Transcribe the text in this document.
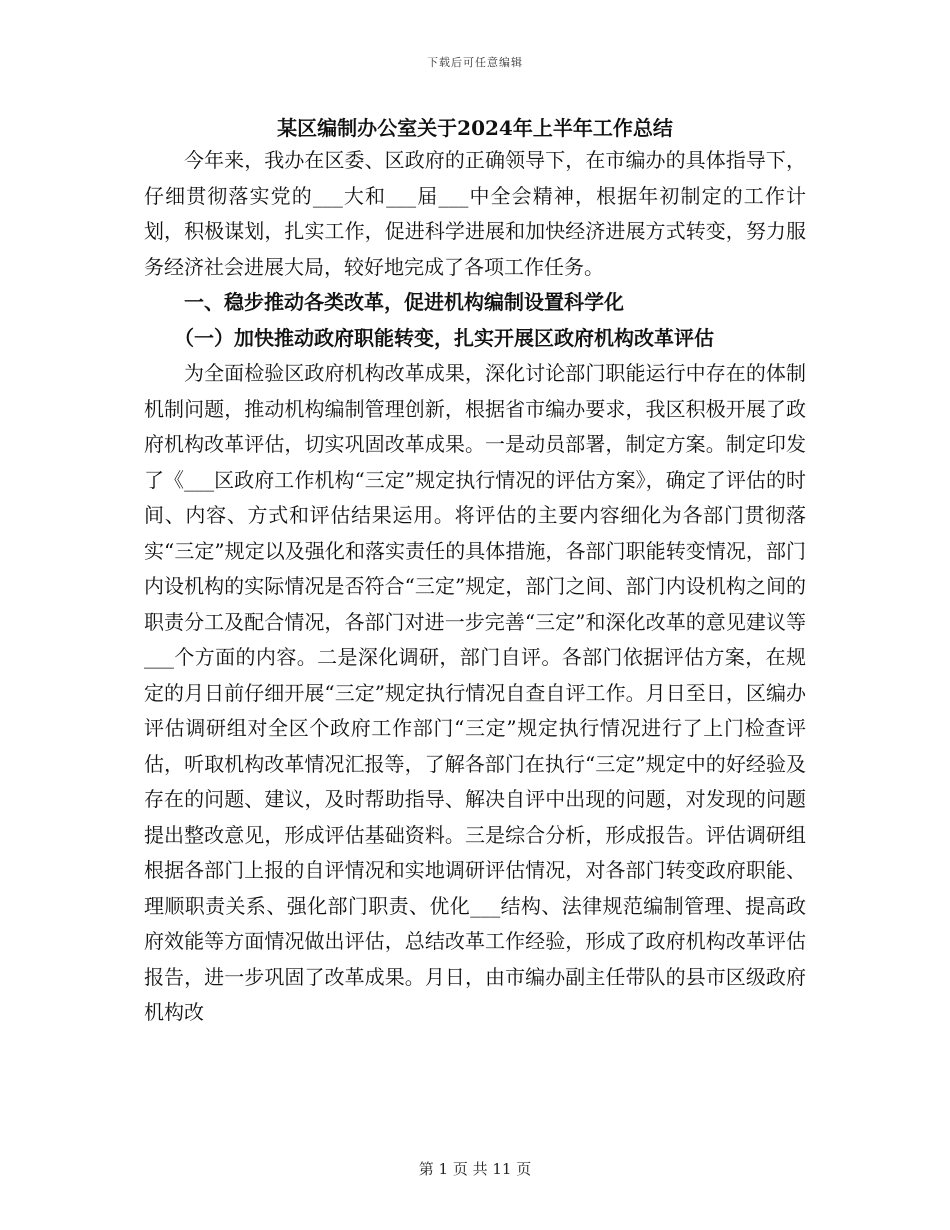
下载后可任意编辑
某区编制办公室关于2024年上半年工作总结

今年来，我办在区委、区政府的正确领导下，在市编办的具体指导下，仔细贯彻落实党的___大和___届___中全会精神，根据年初制定的工作计划，积极谋划，扎实工作，促进科学进展和加快经济进展方式转变，努力服务经济社会进展大局，较好地完成了各项工作任务。

一、稳步推动各类改革，促进机构编制设置科学化

（一）加快推动政府职能转变，扎实开展区政府机构改革评估

为全面检验区政府机构改革成果，深化讨论部门职能运行中存在的体制机制问题，推动机构编制管理创新，根据省市编办要求，我区积极开展了政府机构改革评估，切实巩固改革成果。一是动员部署，制定方案。制定印发了《___区政府工作机构“三定”规定执行情况的评估方案》，确定了评估的时间、内容、方式和评估结果运用。将评估的主要内容细化为各部门贯彻落实“三定”规定以及强化和落实责任的具体措施，各部门职能转变情况，部门内设机构的实际情况是否符合“三定”规定，部门之间、部门内设机构之间的职责分工及配合情况，各部门对进一步完善“三定”和深化改革的意见建议等___个方面的内容。二是深化调研，部门自评。各部门依据评估方案，在规定的月日前仔细开展“三定”规定执行情况自查自评工作。月日至日，区编办评估调研组对全区个政府工作部门“三定”规定执行情况进行了上门检查评估，听取机构改革情况汇报等，了解各部门在执行“三定”规定中的好经验及存在的问题、建议，及时帮助指导、解决自评中出现的问题，对发现的问题提出整改意见，形成评估基础资料。三是综合分析，形成报告。评估调研组根据各部门上报的自评情况和实地调研评估情况，对各部门转变政府职能、理顺职责关系、强化部门职责、优化___结构、法律规范编制管理、提高政府效能等方面情况做出评估，总结改革工作经验，形成了政府机构改革评估报告，进一步巩固了改革成果。月日，由市编办副主任带队的县市区级政府机构改

第 1 页 共 11 页
